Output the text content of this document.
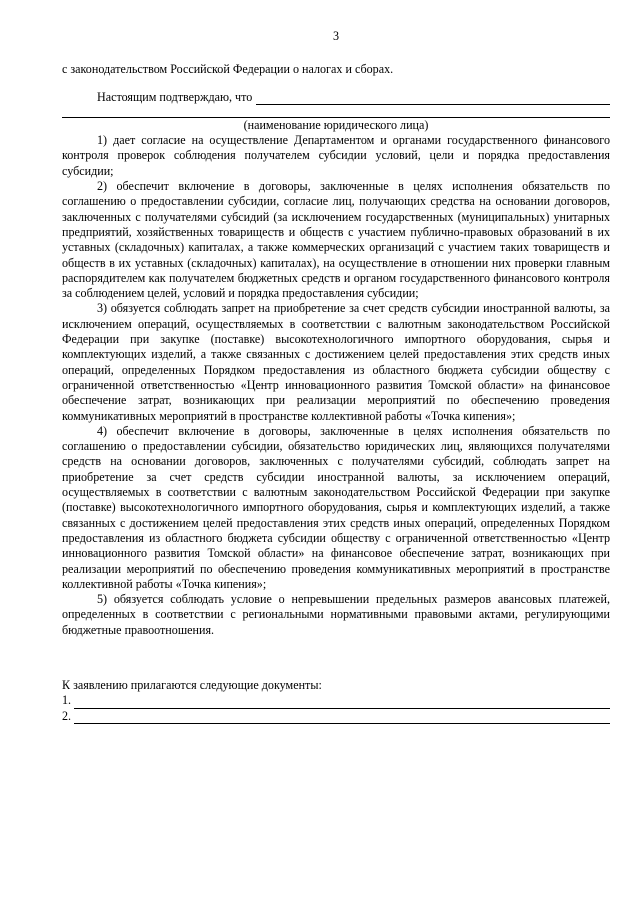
3

с законодательством Российской Федерации о налогах и сборах.

Настоящим подтверждаю, что
(наименование юридического лица)

1) дает согласие на осуществление Департаментом и органами государственного финансового контроля проверок соблюдения получателем субсидии условий, цели и порядка предоставления субсидии;

2) обеспечит включение в договоры, заключенные в целях исполнения обязательств по соглашению о предоставлении субсидии, согласие лиц, получающих средства на основании договоров, заключенных с получателями субсидий (за исключением государственных (муниципальных) унитарных предприятий, хозяйственных товариществ и обществ с участием публично-правовых образований в их уставных (складочных) капиталах, а также коммерческих организаций с участием таких товариществ и обществ в их уставных (складочных) капиталах), на осуществление в отношении них проверки главным распорядителем как получателем бюджетных средств и органом государственного финансового контроля за соблюдением целей, условий и порядка предоставления субсидии;

3) обязуется соблюдать запрет на приобретение за счет средств субсидии иностранной валюты, за исключением операций, осуществляемых в соответствии с валютным законодательством Российской Федерации при закупке (поставке) высокотехнологичного импортного оборудования, сырья и комплектующих изделий, а также связанных с достижением целей предоставления этих средств иных операций, определенных Порядком предоставления из областного бюджета субсидии обществу с ограниченной ответственностью «Центр инновационного развития Томской области» на финансовое обеспечение затрат, возникающих при реализации мероприятий по обеспечению проведения коммуникативных мероприятий в пространстве коллективной работы «Точка кипения»;

4) обеспечит включение в договоры, заключенные в целях исполнения обязательств по соглашению о предоставлении субсидии, обязательство юридических лиц, являющихся получателями средств на основании договоров, заключенных с получателями субсидий, соблюдать запрет на приобретение за счет средств субсидии иностранной валюты, за исключением операций, осуществляемых в соответствии с валютным законодательством Российской Федерации при закупке (поставке) высокотехнологичного импортного оборудования, сырья и комплектующих изделий, а также связанных с достижением целей предоставления этих средств иных операций, определенных Порядком предоставления из областного бюджета субсидии обществу с ограниченной ответственностью «Центр инновационного развития Томской области» на финансовое обеспечение затрат, возникающих при реализации мероприятий по обеспечению проведения коммуникативных мероприятий в пространстве коллективной работы «Точка кипения»;

5) обязуется соблюдать условие о непревышении предельных размеров авансовых платежей, определенных в соответствии с региональными нормативными правовыми актами, регулирующими бюджетные правоотношения.

К заявлению прилагаются следующие документы:
1.
2.
